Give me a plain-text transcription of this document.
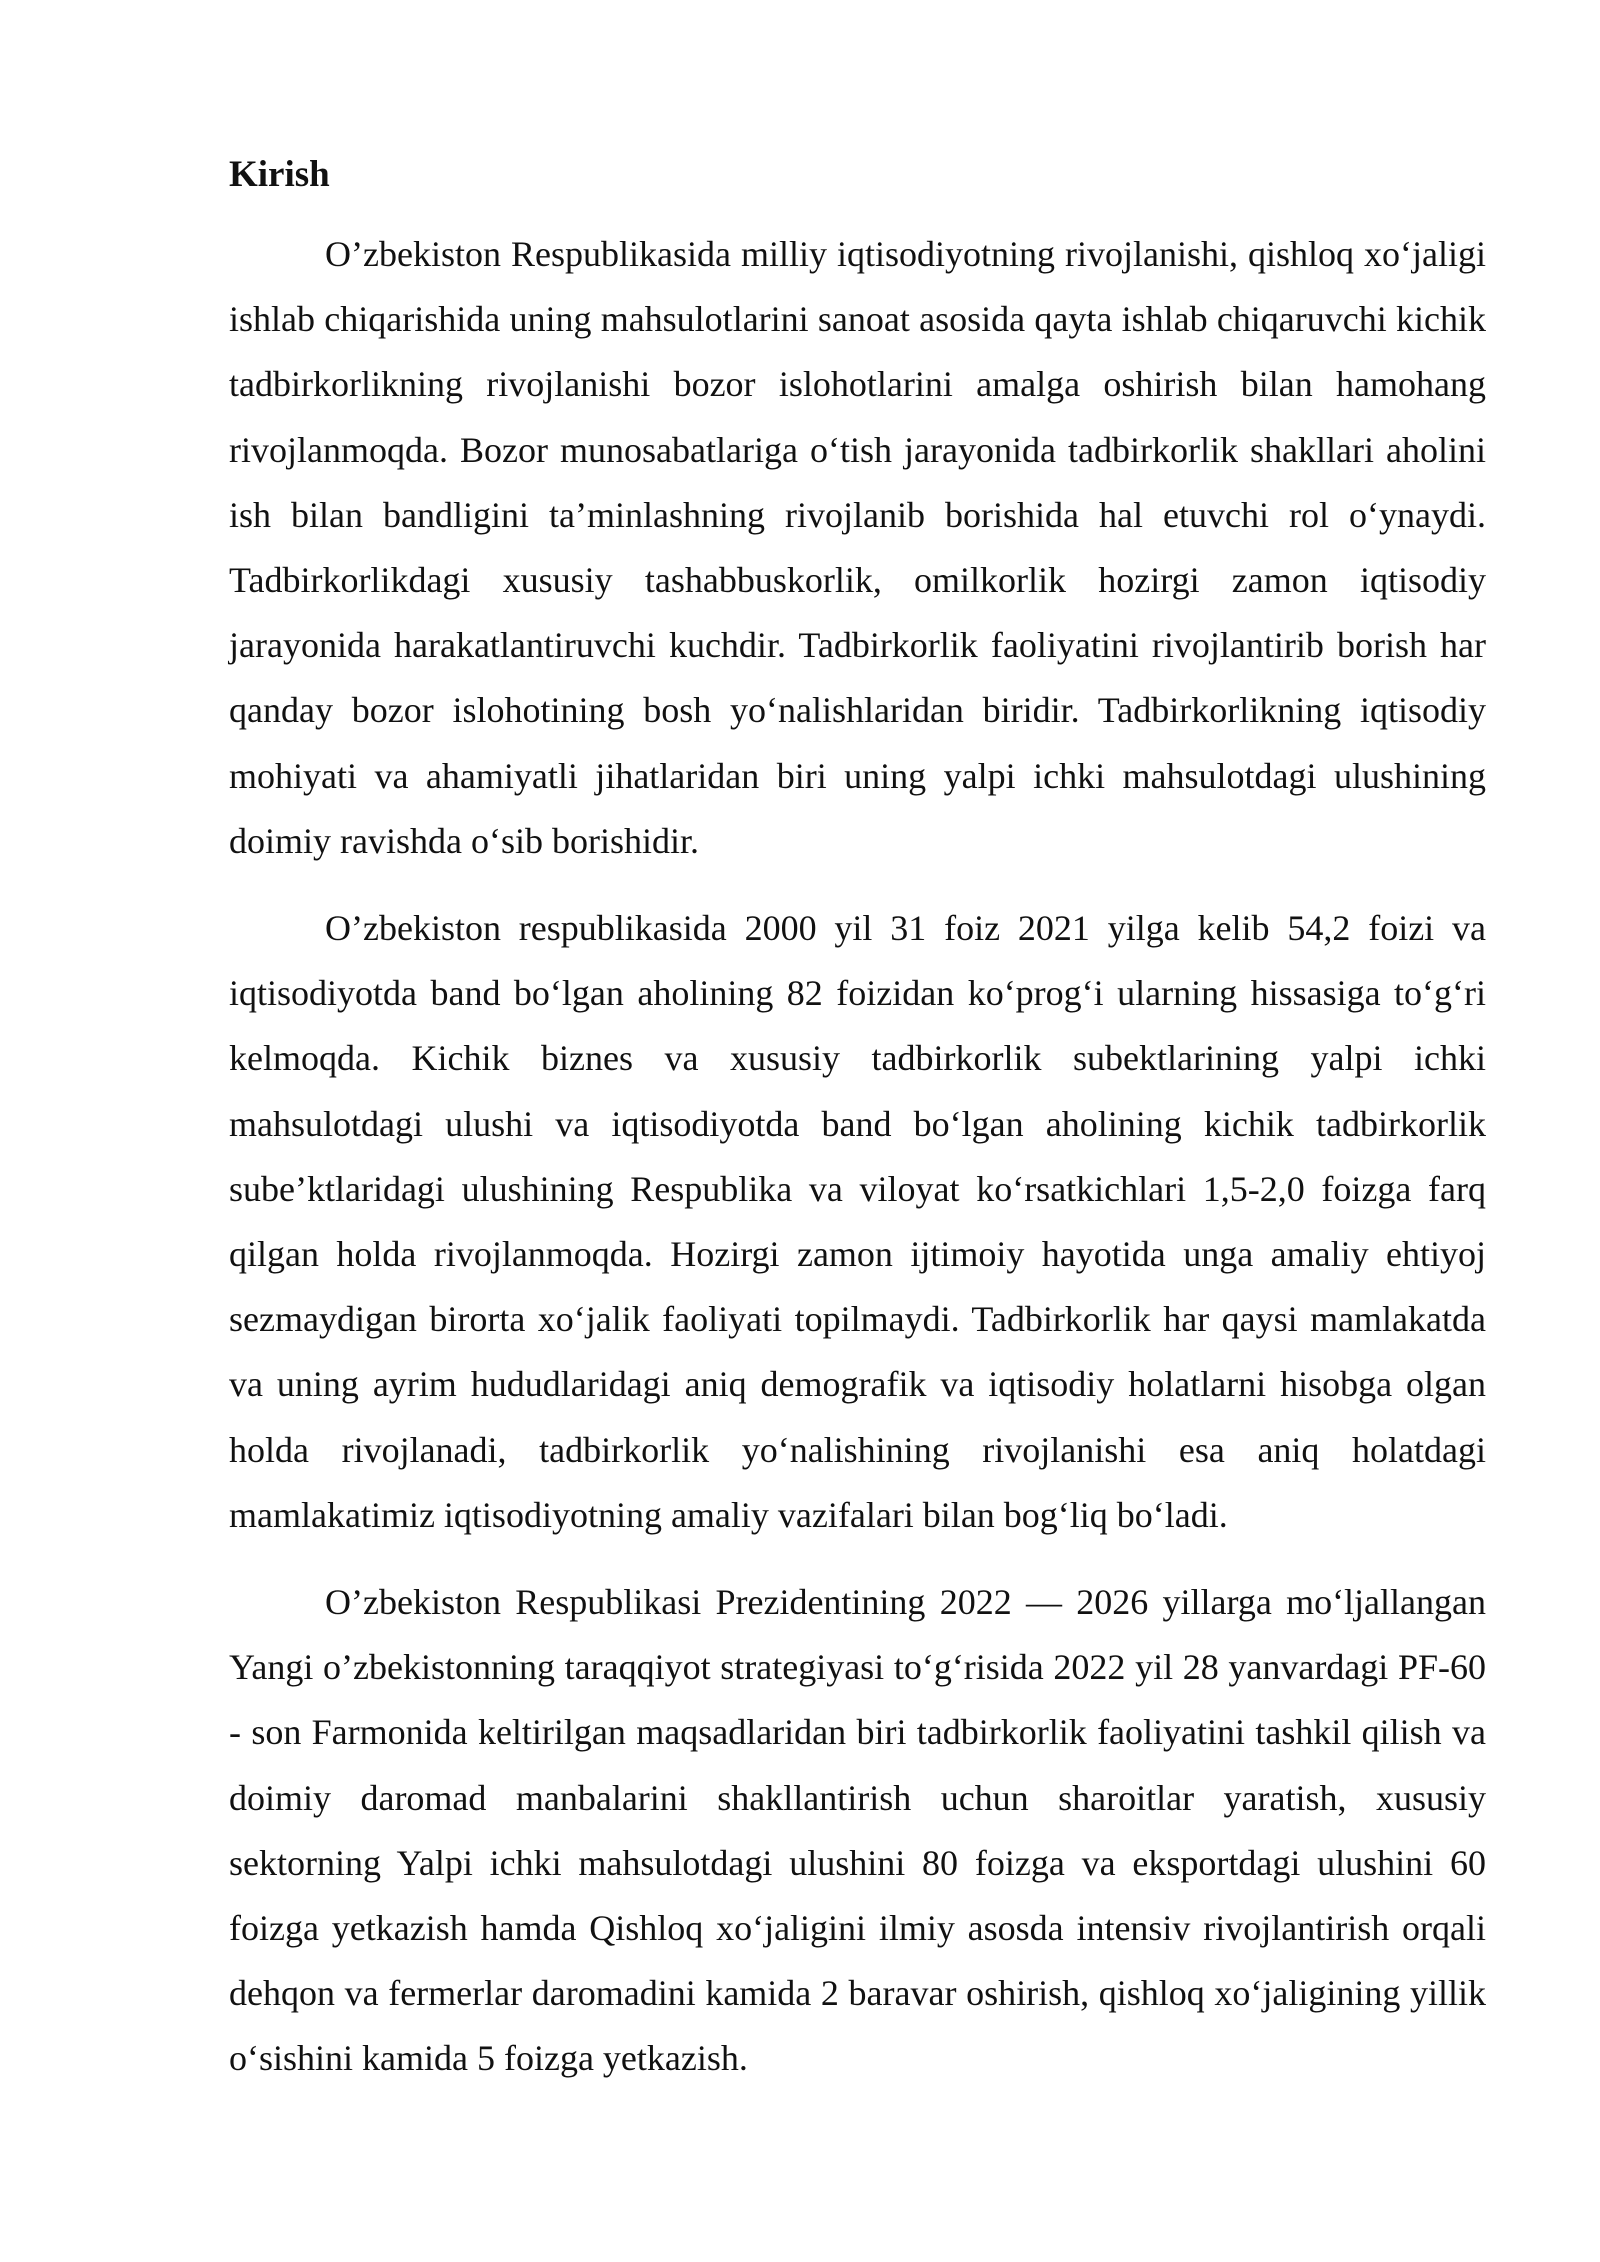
Kirish

O’zbekiston Respublikasida milliy iqtisodiyotning rivojlanishi, qishloq xo‘jaligi ishlab chiqarishida uning mahsulotlarini sanoat asosida qayta ishlab chiqaruvchi kichik tadbirkorlikning rivojlanishi bozor islohotlarini amalga oshirish bilan hamohang rivojlanmoqda. Bozor munosabatlariga o‘tish jarayonida tadbirkorlik shakllari aholini ish bilan bandligini ta’minlashning rivojlanib borishida hal etuvchi rol o‘ynaydi. Tadbirkorlikdagi xususiy tashabbuskorlik, omilkorlik hozirgi zamon iqtisodiy jarayonida harakatlantiruvchi kuchdir. Tadbirkorlik faoliyatini rivojlantirib borish har qanday bozor islohotining bosh yo‘nalishlaridan biridir. Tadbirkorlikning iqtisodiy mohiyati va ahamiyatli jihatlaridan biri uning yalpi ichki mahsulotdagi ulushining doimiy ravishda o‘sib borishidir.

O’zbekiston respublikasida 2000 yil 31 foiz 2021 yilga kelib 54,2 foizi va iqtisodiyotda band bo‘lgan aholining 82 foizidan ko‘prog‘i ularning hissasiga to‘g‘ri kelmoqda. Kichik biznes va xususiy tadbirkorlik subektlarining yalpi ichki mahsulotdagi ulushi va iqtisodiyotda band bo‘lgan aholining kichik tadbirkorlik sube’ktlaridagi ulushining Respublika va viloyat ko‘rsatkichlari 1,5-2,0 foizga farq qilgan holda rivojlanmoqda. Hozirgi zamon ijtimoiy hayotida unga amaliy ehtiyoj sezmaydigan birorta xo‘jalik faoliyati topilmaydi. Tadbirkorlik har qaysi mamlakatda va uning ayrim hududlaridagi aniq demografik va iqtisodiy holatlarni hisobga olgan holda rivojlanadi, tadbirkorlik yo‘nalishining rivojlanishi esa aniq holatdagi mamlakatimiz iqtisodiyotning amaliy vazifalari bilan bog‘liq bo‘ladi.

O’zbekiston Respublikasi Prezidentining 2022 — 2026 yillarga mo‘ljallangan Yangi o’zbekistonning taraqqiyot strategiyasi to‘g‘risida 2022 yil 28 yanvardagi PF-60 - son Farmonida keltirilgan maqsadlaridan biri tadbirkorlik faoliyatini tashkil qilish va doimiy daromad manbalarini shakllantirish uchun sharoitlar yaratish, xususiy sektorning Yalpi ichki mahsulotdagi ulushini 80 foizga va eksportdagi ulushini 60 foizga yetkazish hamda Qishloq xo‘jaligini ilmiy asosda intensiv rivojlantirish orqali dehqon va fermerlar daromadini kamida 2 baravar oshirish, qishloq xo‘jaligining yillik o‘sishini kamida 5 foizga yetkazish.
